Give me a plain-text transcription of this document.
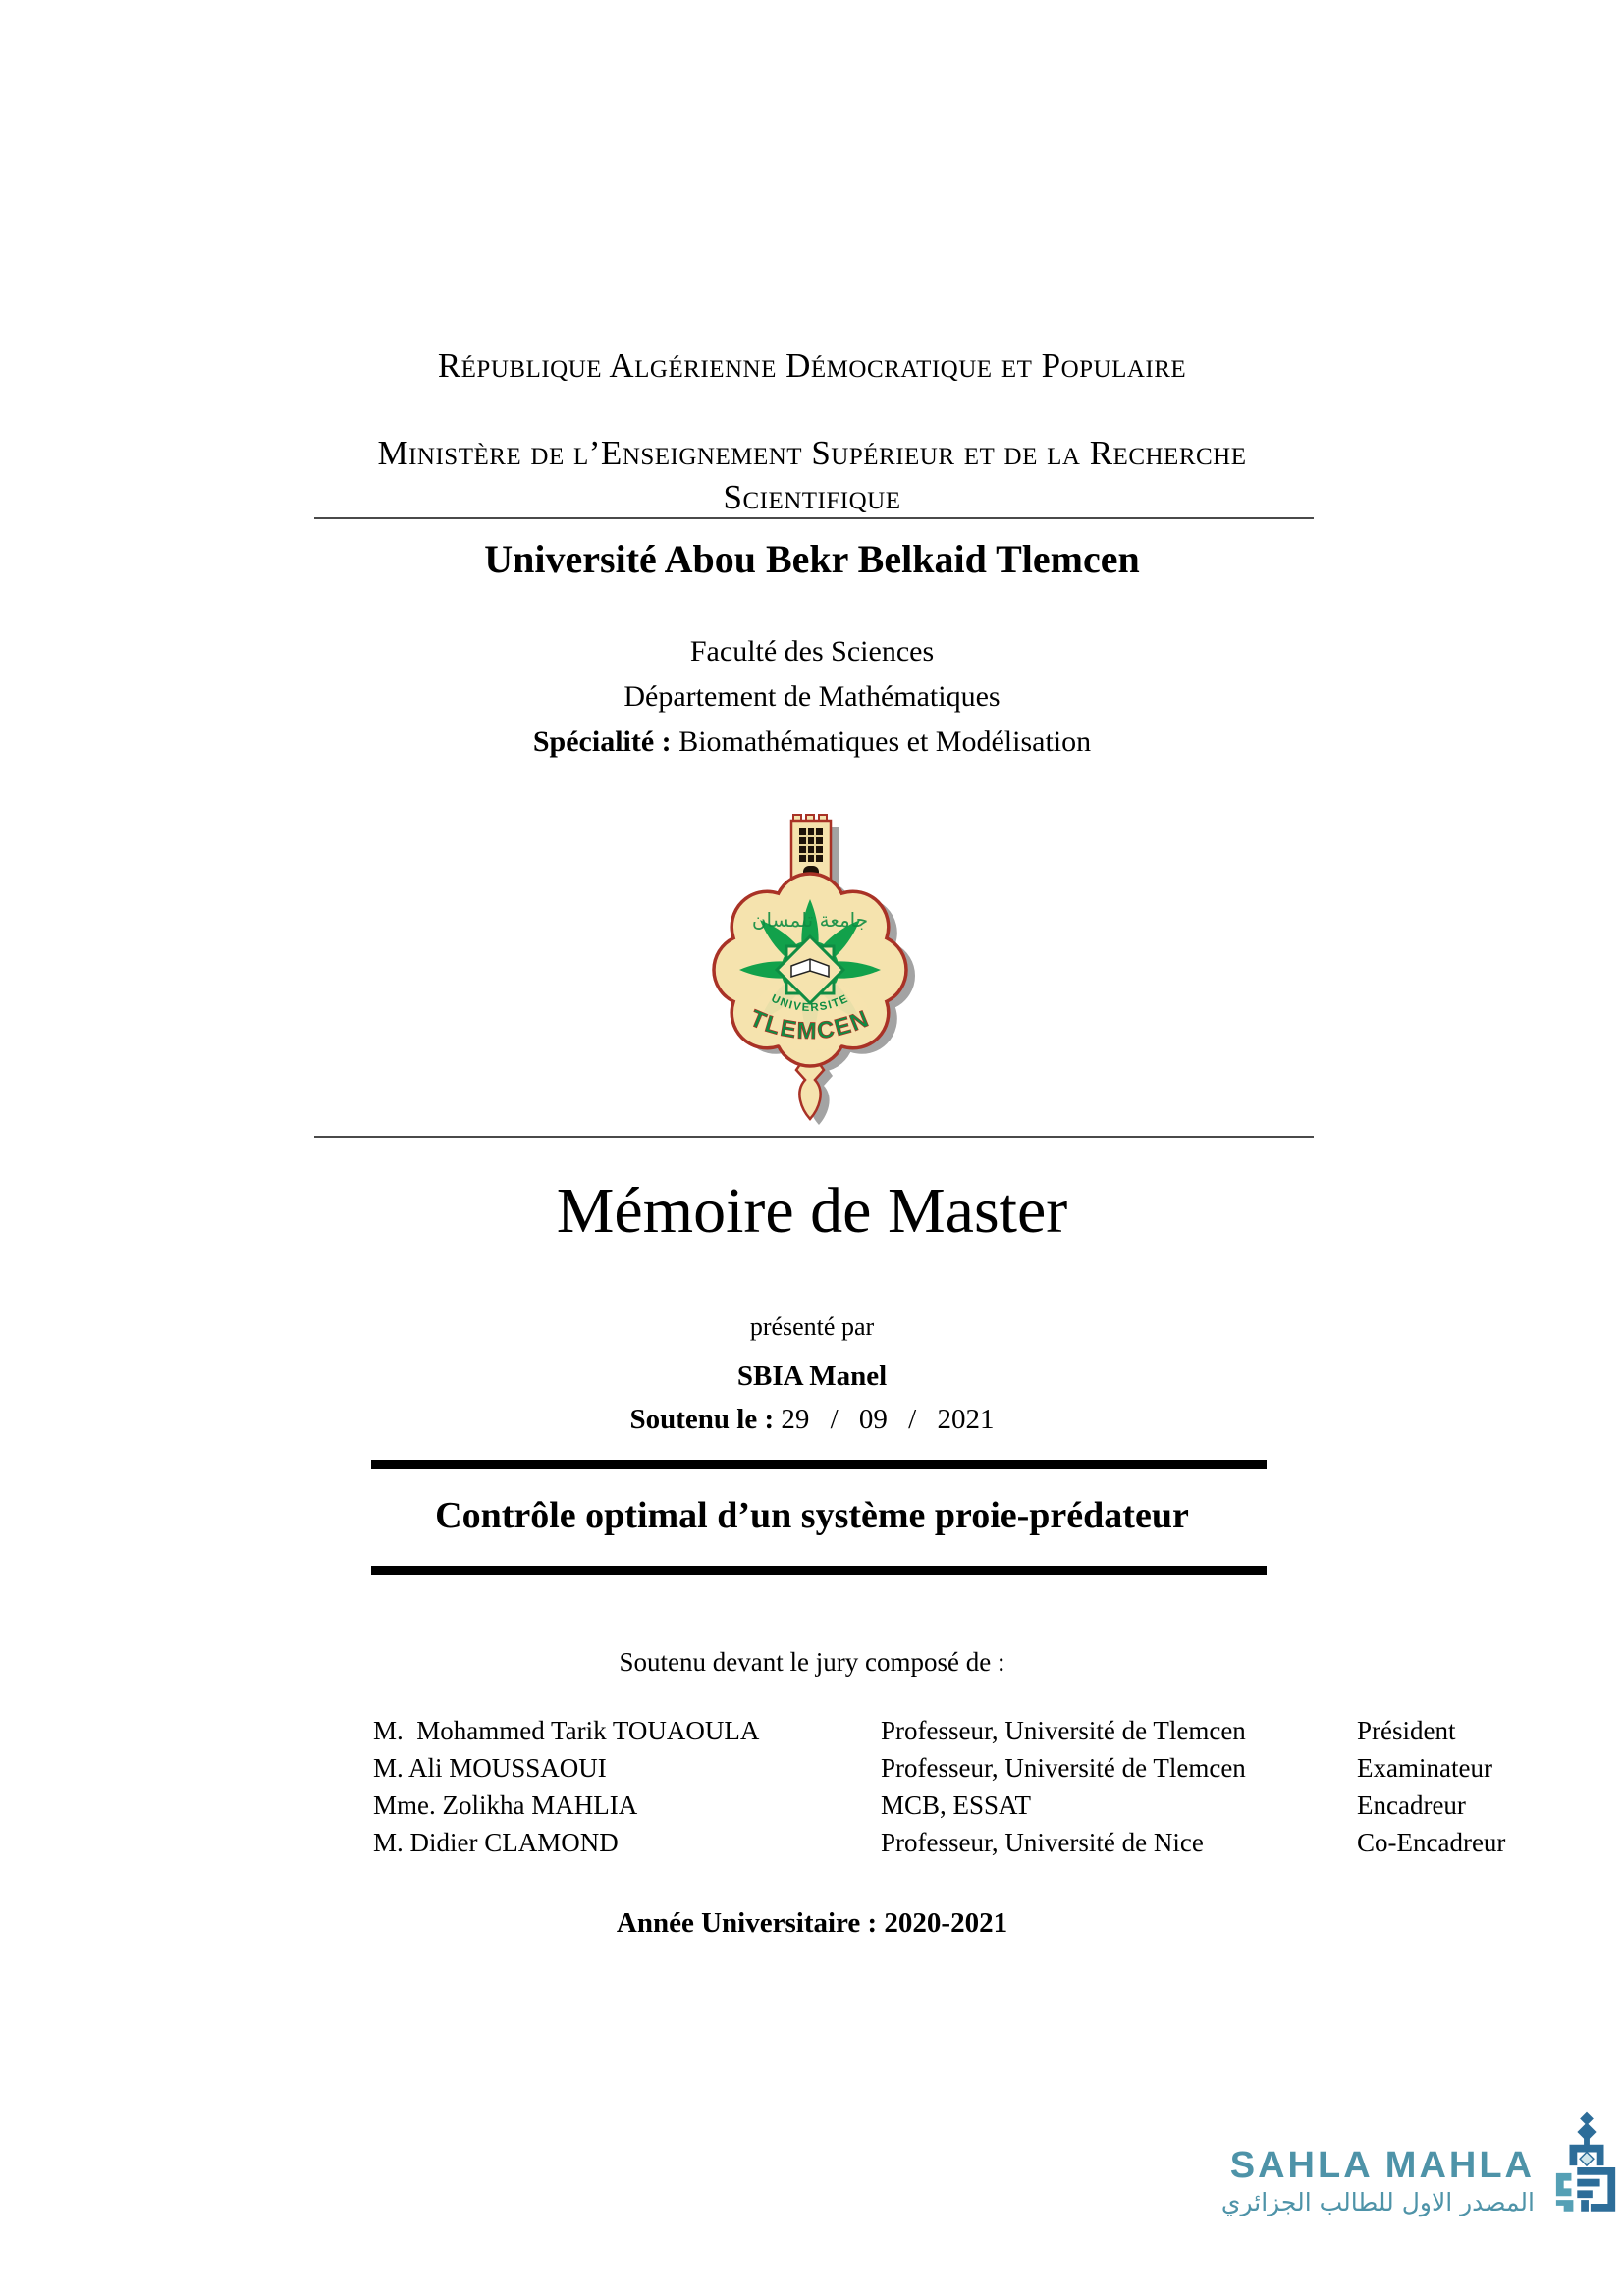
République Algérienne Démocratique et Populaire
Ministère de l’Enseignement Supérieur et de la Recherche Scientifique
Université Abou Bekr Belkaid Tlemcen
Faculté des Sciences
Département de Mathématiques
Spécialité : Biomathématiques et Modélisation
جامعة تلمسان
UNIVERSITE
TLEMCEN
Mémoire de Master
présenté par
SBIA Manel
Soutenu le : 29 / 09 / 2021
Contrôle optimal d’un système proie-prédateur
Soutenu devant le jury composé de :
M.  Mohammed Tarik TOUAOULA	Professeur, Université de Tlemcen	Président
M. Ali MOUSSAOUI	Professeur, Université de Tlemcen	Examinateur
Mme. Zolikha MAHLIA	MCB, ESSAT	Encadreur
M. Didier CLAMOND	Professeur, Université de Nice	Co-Encadreur
Année Universitaire : 2020-2021
SAHLA MAHLA
المصدر الاول للطالب الجزائري
